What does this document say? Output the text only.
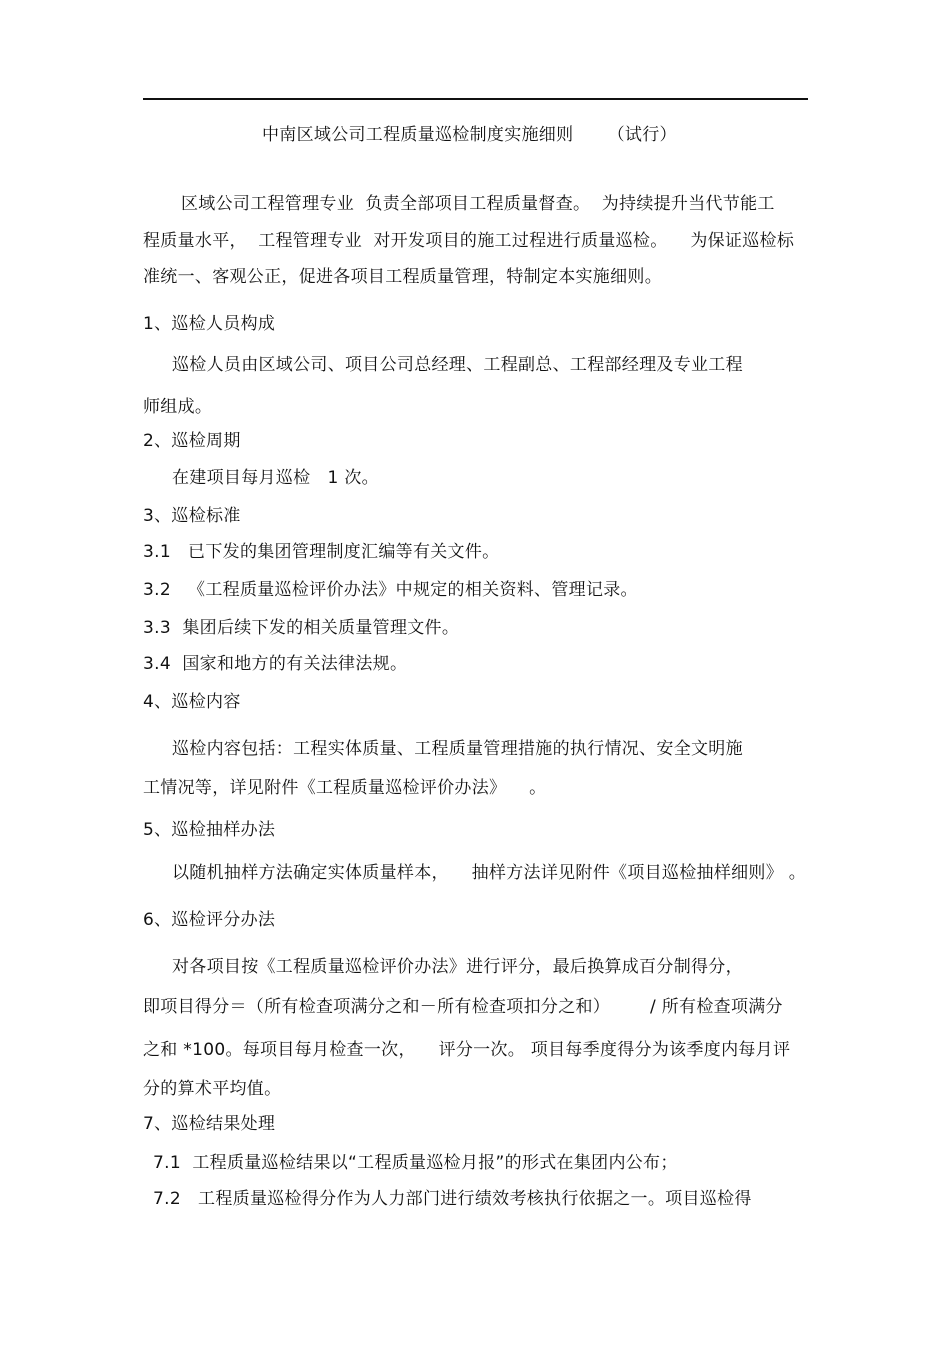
中南区域公司工程质量巡检制度实施细则      （试行）
区域公司工程管理专业  负责全部项目工程质量督查。  为持续提升当代节能工
程质量水平，  工程管理专业  对开发项目的施工过程进行质量巡检。    为保证巡检标
准统一、客观公正，促进各项目工程质量管理，特制定本实施细则。
1、巡检人员构成
巡检人员由区域公司、项目公司总经理、工程副总、工程部经理及专业工程
师组成。
2、巡检周期
在建项目每月巡检   1 次。
3、巡检标准
3.1   已下发的集团管理制度汇编等有关文件。
3.2   《工程质量巡检评价办法》中规定的相关资料、管理记录。
3.3  集团后续下发的相关质量管理文件。
3.4  国家和地方的有关法律法规。
4、巡检内容
巡检内容包括：工程实体质量、工程质量管理措施的执行情况、安全文明施
工情况等，详见附件《工程质量巡检评价办法》    。
5、巡检抽样办法
以随机抽样方法确定实体质量样本，    抽样方法详见附件《项目巡检抽样细则》 。
6、巡检评分办法
对各项目按《工程质量巡检评价办法》进行评分，最后换算成百分制得分，
即项目得分＝（所有检查项满分之和－所有检查项扣分之和）       / 所有检查项满分
之和 *100。每项目每月检查一次，    评分一次。 项目每季度得分为该季度内每月评
分的算术平均值。
7、巡检结果处理
7.1  工程质量巡检结果以“工程质量巡检月报”的形式在集团内公布；
7.2   工程质量巡检得分作为人力部门进行绩效考核执行依据之一。项目巡检得
